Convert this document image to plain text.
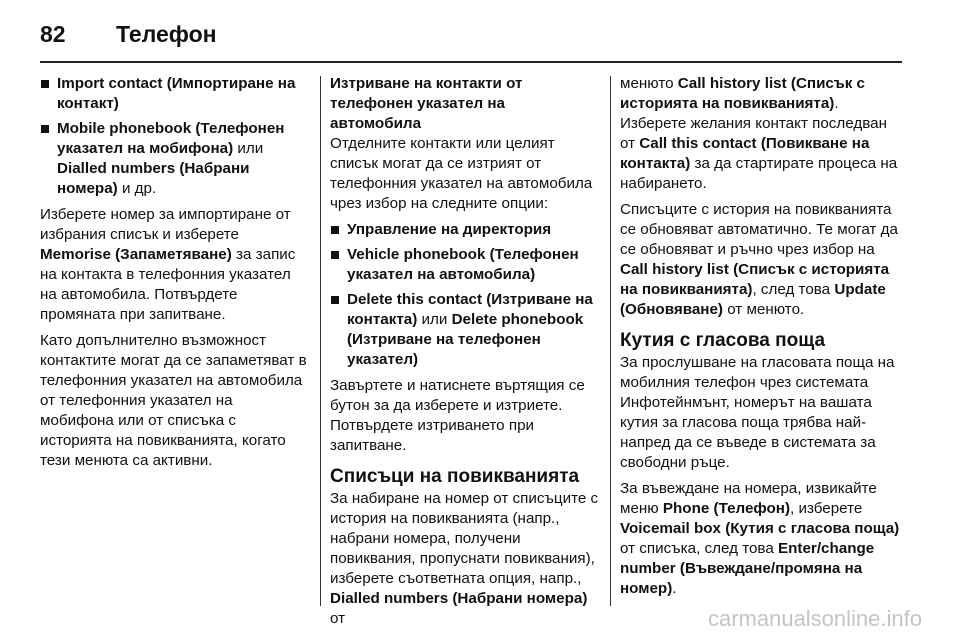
82	Телефон
Import contact (Импортиране на контакт)
Mobile phonebook (Телефонен указател на мобифона) или Dialled numbers (Набрани номера) и др.

Изберете номер за импортиране от избрания списък и изберете Memorise (Запаметяване) за запис на контакта в телефонния указател на автомобила. Потвърдете промяната при запитване.

Като допълнително възможност контактите могат да се запаметяват в телефонния указател на автомобила от телефонния указател на мобифона или от списъка с историята на повикванията, когато тези менюта са активни.

Изтриване на контакти от телефонен указател на автомобила

Отделните контакти или целият списък могат да се изтрият от телефонния указател на автомобила чрез избор на следните опции:

Управление на директория
Vehicle phonebook (Телефонен указател на автомобила)
Delete this contact (Изтриване на контакта) или Delete phonebook (Изтриване на телефонен указател)

Завъртете и натиснете въртящия се бутон за да изберете и изтриете. Потвърдете изтриването при запитване.

Списъци на повикванията

За набиране на номер от списъците с история на повикванията (напр., набрани номера, получени повиквания, пропуснати повиквания), изберете съответната опция, напр., Dialled numbers (Набрани номера) от

менюто Call history list (Списък с историята на повикванията). Изберете желания контакт последван от Call this contact (Повикване на контакта) за да стартирате процеса на набирането.

Списъците с история на повикванията се обновяват автоматично. Те могат да се обновяват и ръчно чрез избор на Call history list (Списък с историята на повикванията), след това Update (Обновяване) от менюто.

Кутия с гласова поща

За прослушване на гласовата поща на мобилния телефон чрез системата Инфотейнмънт, номерът на вашата кутия за гласова поща трябва най-напред да се въведе в системата за свободни ръце.

За въвеждане на номера, извикайте меню Phone (Телефон), изберете Voicemail box (Кутия с гласова поща) от списъка, след това Enter/change number (Въвеждане/промяна на номер).

carmanualsonline.info
